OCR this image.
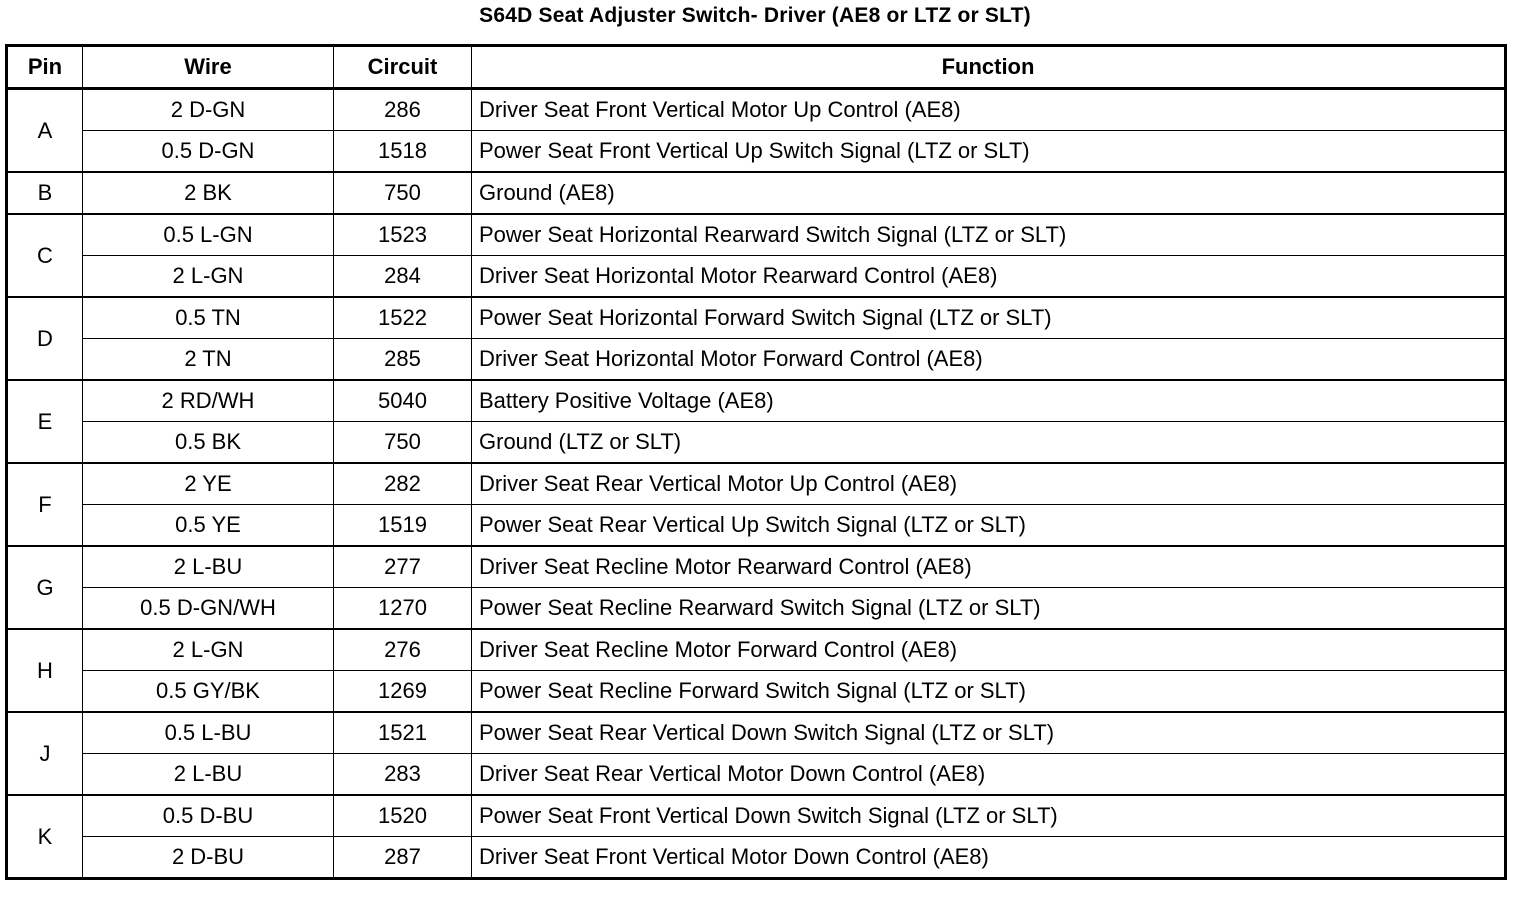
S64D Seat Adjuster Switch- Driver (AE8 or LTZ or SLT)
Pin	Wire	Circuit	Function
A	2 D-GN	286	Driver Seat Front Vertical Motor Up Control (AE8)
	0.5 D-GN	1518	Power Seat Front Vertical Up Switch Signal (LTZ or SLT)
B	2 BK	750	Ground (AE8)
C	0.5 L-GN	1523	Power Seat Horizontal Rearward Switch Signal (LTZ or SLT)
	2 L-GN	284	Driver Seat Horizontal Motor Rearward Control (AE8)
D	0.5 TN	1522	Power Seat Horizontal Forward Switch Signal (LTZ or SLT)
	2 TN	285	Driver Seat Horizontal Motor Forward Control (AE8)
E	2 RD/WH	5040	Battery Positive Voltage (AE8)
	0.5 BK	750	Ground (LTZ or SLT)
F	2 YE	282	Driver Seat Rear Vertical Motor Up Control (AE8)
	0.5 YE	1519	Power Seat Rear Vertical Up Switch Signal (LTZ or SLT)
G	2 L-BU	277	Driver Seat Recline Motor Rearward Control (AE8)
	0.5 D-GN/WH	1270	Power Seat Recline Rearward Switch Signal (LTZ or SLT)
H	2 L-GN	276	Driver Seat Recline Motor Forward Control (AE8)
	0.5 GY/BK	1269	Power Seat Recline Forward Switch Signal (LTZ or SLT)
J	0.5 L-BU	1521	Power Seat Rear Vertical Down Switch Signal (LTZ or SLT)
	2 L-BU	283	Driver Seat Rear Vertical Motor Down Control (AE8)
K	0.5 D-BU	1520	Power Seat Front Vertical Down Switch Signal (LTZ or SLT)
	2 D-BU	287	Driver Seat Front Vertical Motor Down Control (AE8)
